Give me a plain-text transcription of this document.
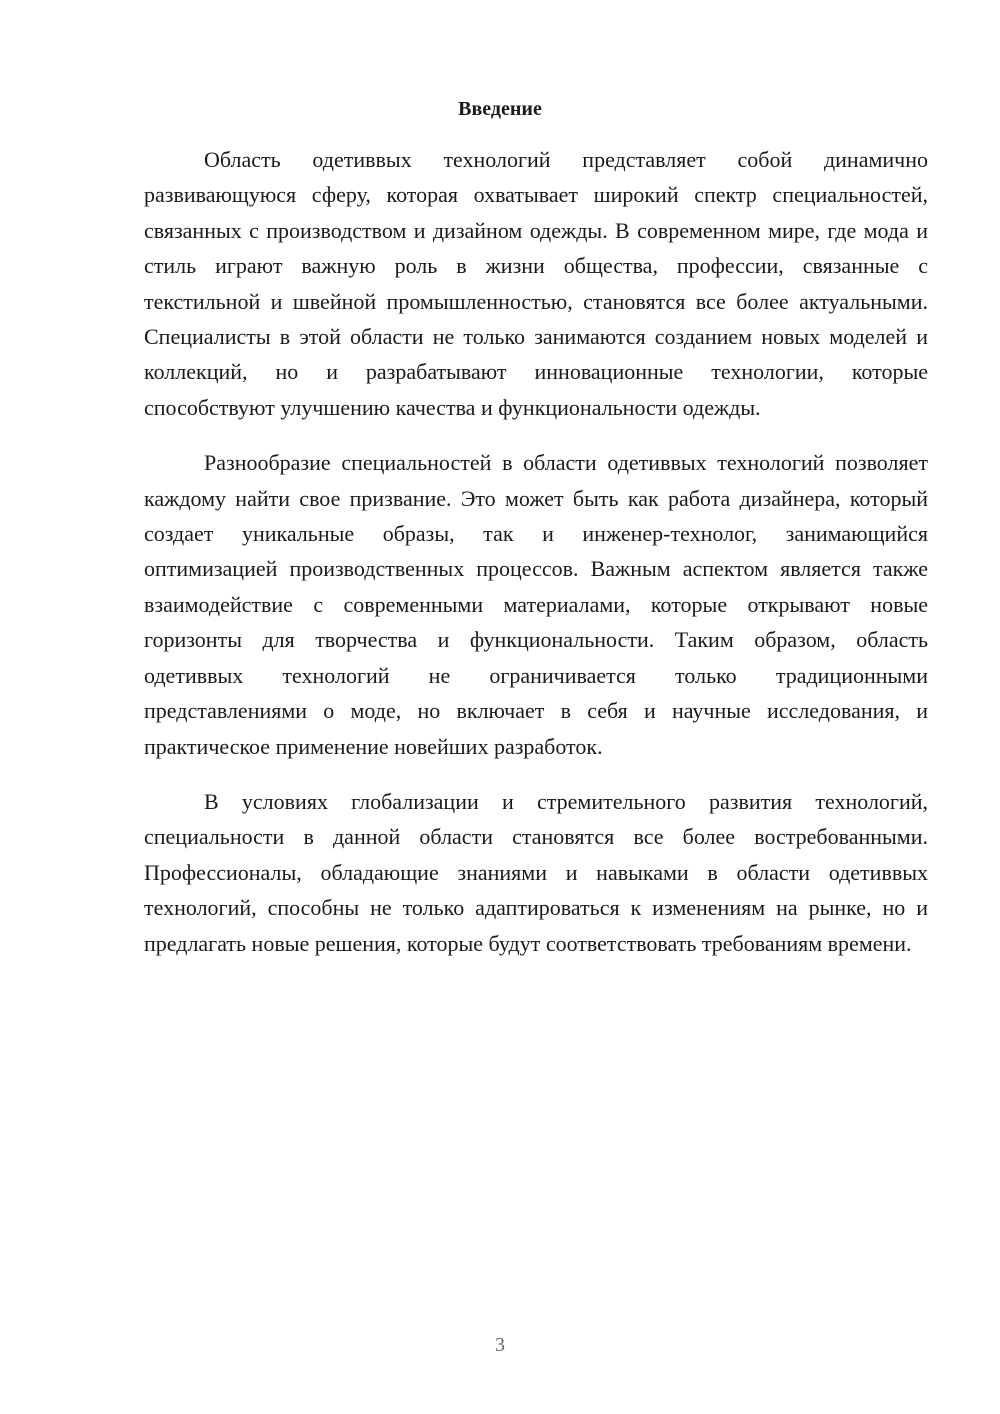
Введение

Область одетиввых технологий представляет собой динамично развивающуюся сферу, которая охватывает широкий спектр специальностей, связанных с производством и дизайном одежды. В современном мире, где мода и стиль играют важную роль в жизни общества, профессии, связанные с текстильной и швейной промышленностью, становятся все более актуальными. Специалисты в этой области не только занимаются созданием новых моделей и коллекций, но и разрабатывают инновационные технологии, которые способствуют улучшению качества и функциональности одежды.

Разнообразие специальностей в области одетиввых технологий позволяет каждому найти свое призвание. Это может быть как работа дизайнера, который создает уникальные образы, так и инженер-технолог, занимающийся оптимизацией производственных процессов. Важным аспектом является также взаимодействие с современными материалами, которые открывают новые горизонты для творчества и функциональности. Таким образом, область одетиввых технологий не ограничивается только традиционными представлениями о моде, но включает в себя и научные исследования, и практическое применение новейших разработок.

В условиях глобализации и стремительного развития технологий, специальности в данной области становятся все более востребованными. Профессионалы, обладающие знаниями и навыками в области одетиввых технологий, способны не только адаптироваться к изменениям на рынке, но и предлагать новые решения, которые будут соответствовать требованиям времени.

3
